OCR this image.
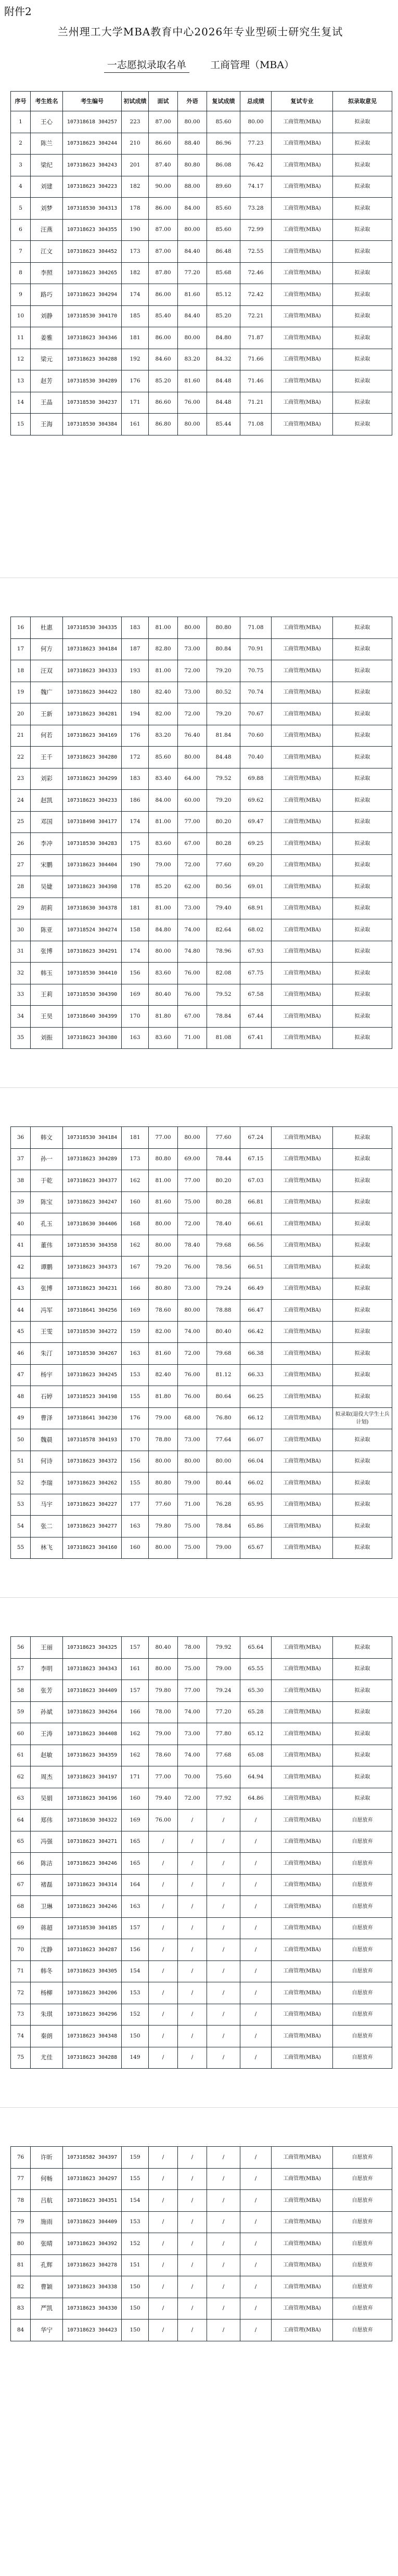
附件2
兰州理工大学MBA教育中心2026年专业型硕士研究生复试
一志愿拟录取名单 工商管理（MBA）
序号	考生姓名	考生编号	初试成绩	面试	外语	复试成绩	总成绩	复试专业	拟录取意见
1	王心	107318618 304257	223	87.00	80.00	85.60	80.00	工商管理(MBA)	拟录取
2	陈兰	107318623 304244	210	86.60	88.40	86.96	77.23	工商管理(MBA)	拟录取
3	梁纪	107318623 304243	201	87.40	80.80	86.08	76.42	工商管理(MBA)	拟录取
4	刘建	107318623 304223	182	90.00	88.00	89.60	74.17	工商管理(MBA)	拟录取
5	刘梦	107318530 304313	178	86.00	84.00	85.60	73.28	工商管理(MBA)	拟录取
6	汪燕	107318623 304355	190	87.00	80.00	85.60	72.99	工商管理(MBA)	拟录取
7	江文	107318623 304452	173	87.00	84.40	86.48	72.55	工商管理(MBA)	拟录取
8	李照	107318623 304265	182	87.80	77.20	85.68	72.46	工商管理(MBA)	拟录取
9	路巧	107318623 304294	174	86.00	81.60	85.12	72.42	工商管理(MBA)	拟录取
10	刘静	107318530 304170	185	85.40	84.40	85.20	72.21	工商管理(MBA)	拟录取
11	姜雅	107318623 304346	181	86.00	80.00	84.80	71.87	工商管理(MBA)	拟录取
12	梁元	107318623 304288	192	84.60	83.20	84.32	71.66	工商管理(MBA)	拟录取
13	赵芳	107318530 304289	176	85.20	81.60	84.48	71.46	工商管理(MBA)	拟录取
14	王晶	107318530 304237	171	86.60	76.00	84.48	71.21	工商管理(MBA)	拟录取
15	王海	107318530 304384	161	86.80	80.00	85.44	71.08	工商管理(MBA)	拟录取
16	杜惠	107318530 304335	183	81.00	80.00	80.80	71.08	工商管理(MBA)	拟录取
17	何方	107318623 304184	187	82.80	73.00	80.84	70.91	工商管理(MBA)	拟录取
18	汪双	107318623 304333	193	81.00	72.00	79.20	70.75	工商管理(MBA)	拟录取
19	魏广	107318623 304422	180	82.40	73.00	80.52	70.74	工商管理(MBA)	拟录取
20	王新	107318623 304281	194	82.00	72.00	79.20	70.67	工商管理(MBA)	拟录取
21	何若	107318623 304169	176	83.20	76.40	81.84	70.60	工商管理(MBA)	拟录取
22	王千	107318623 304280	172	85.60	80.00	84.48	70.40	工商管理(MBA)	拟录取
23	刘彩	107318623 304299	183	83.40	64.00	79.52	69.88	工商管理(MBA)	拟录取
24	赵凯	107318623 304233	186	84.00	60.00	79.20	69.62	工商管理(MBA)	拟录取
25	邓国	107318498 304177	174	81.00	77.00	80.20	69.47	工商管理(MBA)	拟录取
26	李冲	107318530 304283	175	83.60	67.00	80.28	69.25	工商管理(MBA)	拟录取
27	宋鹏	107318623 304404	190	79.00	72.00	77.60	69.20	工商管理(MBA)	拟录取
28	吴婕	107318623 304398	178	85.20	62.00	80.56	69.01	工商管理(MBA)	拟录取
29	胡莉	107318630 304378	181	81.00	73.00	79.40	68.91	工商管理(MBA)	拟录取
30	陈亚	107318524 304274	158	84.80	74.00	82.64	68.02	工商管理(MBA)	拟录取
31	张博	107318623 304291	174	80.00	74.80	78.96	67.93	工商管理(MBA)	拟录取
32	韩玉	107318530 304410	156	83.60	76.00	82.08	67.75	工商管理(MBA)	拟录取
33	王莉	107318530 304390	169	80.40	76.00	79.52	67.58	工商管理(MBA)	拟录取
34	王昊	107318640 304399	170	81.80	67.00	78.84	67.44	工商管理(MBA)	拟录取
35	刘振	107318623 304380	163	83.60	71.00	81.08	67.41	工商管理(MBA)	拟录取
36	韩文	107318530 304184	181	77.00	80.00	77.60	67.24	工商管理(MBA)	拟录取
37	孙一	107318623 304289	173	80.80	69.00	78.44	67.15	工商管理(MBA)	拟录取
38	于乾	107318623 304377	162	81.00	77.00	80.20	67.03	工商管理(MBA)	拟录取
39	陈宝	107318623 304247	160	81.60	75.00	80.28	66.81	工商管理(MBA)	拟录取
40	孔玉	107318630 304406	168	80.00	72.00	78.40	66.61	工商管理(MBA)	拟录取
41	董伟	107318530 304358	162	80.00	78.40	79.68	66.56	工商管理(MBA)	拟录取
42	谭鹏	107318623 304373	167	79.20	76.00	78.56	66.51	工商管理(MBA)	拟录取
43	张博	107318623 304231	166	80.80	73.00	79.24	66.49	工商管理(MBA)	拟录取
44	冯军	107318641 304256	169	78.60	80.00	78.88	66.47	工商管理(MBA)	拟录取
45	王雯	107318530 304272	159	82.00	74.00	80.40	66.42	工商管理(MBA)	拟录取
46	朱汀	107318530 304267	163	81.60	72.00	79.68	66.38	工商管理(MBA)	拟录取
47	杨宇	107318623 304245	153	82.40	76.00	81.12	66.33	工商管理(MBA)	拟录取
48	石婷	107318523 304198	155	81.80	76.00	80.64	66.25	工商管理(MBA)	拟录取
49	曹泽	107318641 304230	176	79.00	68.00	76.80	66.12	工商管理(MBA)	拟录取(退役大学生士兵计划)
50	魏晨	107318578 304193	170	78.80	73.00	77.64	66.07	工商管理(MBA)	拟录取
51	何诗	107318623 304372	156	80.00	80.00	80.00	66.04	工商管理(MBA)	拟录取
52	李瑞	107318623 304262	155	80.80	79.00	80.44	66.02	工商管理(MBA)	拟录取
53	马宇	107318623 304227	177	77.60	71.00	76.28	65.95	工商管理(MBA)	拟录取
54	张二	107318623 304277	163	79.80	75.00	78.84	65.86	工商管理(MBA)	拟录取
55	林飞	107318623 304160	160	80.00	75.00	79.00	65.67	工商管理(MBA)	拟录取
56	王丽	107318623 304325	157	80.40	78.00	79.92	65.64	工商管理(MBA)	拟录取
57	李明	107318623 304343	161	80.00	75.00	79.00	65.55	工商管理(MBA)	拟录取
58	张芳	107318623 304409	157	79.80	77.00	79.24	65.30	工商管理(MBA)	拟录取
59	孙斌	107318623 304264	166	78.00	74.00	77.20	65.28	工商管理(MBA)	拟录取
60	王涛	107318623 304408	162	79.00	73.00	77.80	65.12	工商管理(MBA)	拟录取
61	赵敏	107318623 304359	162	78.60	74.00	77.68	65.08	工商管理(MBA)	拟录取
62	周杰	107318623 304197	171	77.00	70.00	75.60	64.94	工商管理(MBA)	拟录取
63	吴娟	107318623 304196	160	79.40	72.00	77.92	64.86	工商管理(MBA)	拟录取
64	郑伟	107318630 304322	169	76.00	/	/	/	工商管理(MBA)	自愿放弃
65	冯强	107318623 304271	165	/	/	/	/	工商管理(MBA)	自愿放弃
66	陈洁	107318623 304246	165	/	/	/	/	工商管理(MBA)	自愿放弃
67	褚磊	107318623 304314	164	/	/	/	/	工商管理(MBA)	自愿放弃
68	卫琳	107318623 304246	163	/	/	/	/	工商管理(MBA)	自愿放弃
69	蒋超	107318530 304185	157	/	/	/	/	工商管理(MBA)	自愿放弃
70	沈静	107318623 304287	156	/	/	/	/	工商管理(MBA)	自愿放弃
71	韩冬	107318623 304305	154	/	/	/	/	工商管理(MBA)	自愿放弃
72	杨柳	107318623 304206	153	/	/	/	/	工商管理(MBA)	自愿放弃
73	朱琪	107318623 304296	152	/	/	/	/	工商管理(MBA)	自愿放弃
74	秦朗	107318623 304348	150	/	/	/	/	工商管理(MBA)	自愿放弃
75	尤佳	107318623 304288	149	/	/	/	/	工商管理(MBA)	自愿放弃
76	许昕	107318582 304397	159	/	/	/	/	工商管理(MBA)	自愿放弃
77	何畅	107318623 304297	155	/	/	/	/	工商管理(MBA)	自愿放弃
78	吕航	107318623 304351	154	/	/	/	/	工商管理(MBA)	自愿放弃
79	施雨	107318623 304409	153	/	/	/	/	工商管理(MBA)	自愿放弃
80	张晴	107318623 304392	152	/	/	/	/	工商管理(MBA)	自愿放弃
81	孔辉	107318623 304278	151	/	/	/	/	工商管理(MBA)	自愿放弃
82	曹颖	107318623 304338	150	/	/	/	/	工商管理(MBA)	自愿放弃
83	严凯	107318623 304330	150	/	/	/	/	工商管理(MBA)	自愿放弃
84	华宁	107318623 304423	150	/	/	/	/	工商管理(MBA)	自愿放弃
